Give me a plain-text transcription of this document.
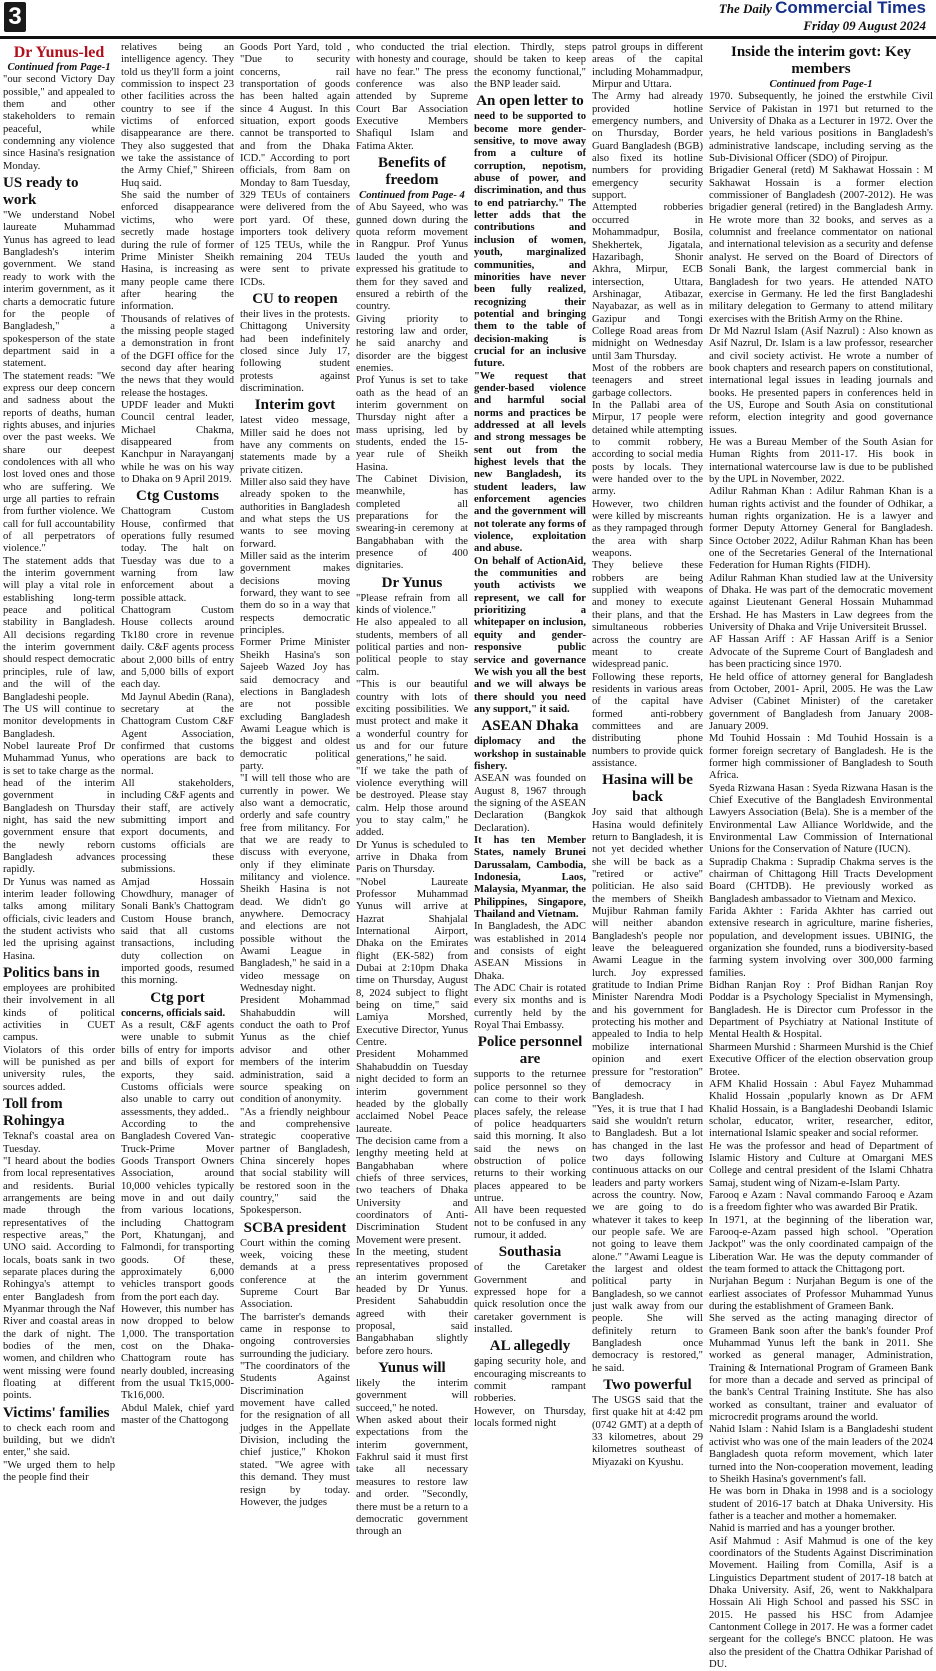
3	The Daily Commercial Times
Friday 09 August 2024
Dr Yunus-led

Continued from Page-1

"our second Victory Day possible," and appealed to them and other stakeholders to remain peaceful, while condemning any violence since Hasina's resignation Monday.

US ready to work

"We understand Nobel laureate Muhammad Yunus has agreed to lead Bangladesh's interim government. We stand ready to work with the interim government, as it charts a democratic future for the people of Bangladesh," a spokesperson of the state department said in a statement.

The statement reads: "We express our deep concern and sadness about the reports of deaths, human rights abuses, and injuries over the past weeks. We share our deepest condolences with all who lost loved ones and those who are suffering. We urge all parties to refrain from further violence. We call for full accountability of all perpetrators of violence."

The statement adds that the interim government will play a vital role in establishing long-term peace and political stability in Bangladesh. All decisions regarding the interim government should respect democratic principles, rule of law, and the will of the Bangladeshi people.

The US will continue to monitor developments in Bangladesh.

Nobel laureate Prof Dr Muhammad Yunus, who is set to take charge as the head of the interim government in Bangladesh on Thursday night, has said the new government ensure that the newly reborn Bangladesh advances rapidly.

Dr Yunus was named as interim leader following talks among military officials, civic leaders and the student activists who led the uprising against Hasina.

Politics bans in

employees are prohibited their involvement in all kinds of political activities in CUET campus.

Violators of this order will be punished as per university rules, the sources added.

Toll from Rohingya

Teknaf's coastal area on Tuesday.

"I heard about the bodies from local representatives and residents. Burial arrangements are being made through the representatives of the respective areas," the UNO said. According to locals, boats sank in two separate places during the Rohingya's attempt to enter Bangladesh from Myanmar through the Naf River and coastal areas in the dark of night. The bodies of the men, women, and children who went missing were found floating at different points.

Victims' families

to check each room and building, but we didn't enter," she said.

"We urged them to help the people find their

relatives being an intelligence agency. They told us they'll form a joint commission to inspect 23 other facilities across the country to see if the victims of enforced disappearance are there. They also suggested that we take the assistance of the Army Chief," Shireen Huq said.

She said the number of enforced disappearance victims, who were secretly made hostage during the rule of former Prime Minister Sheikh Hasina, is increasing as many people came there after hearing the information.

Thousands of relatives of the missing people staged a demonstration in front of the DGFI office for the second day after hearing the news that they would release the hostages.

UPDF leader and Mukti Council central leader, Michael Chakma, disappeared from Kanchpur in Narayanganj while he was on his way to Dhaka on 9 April 2019.

Ctg Customs

Chattogram Custom House, confirmed that operations fully resumed today. The halt on Tuesday was due to a warning from law enforcement about a possible attack.

Chattogram Custom House collects around Tk180 crore in revenue daily. C&F agents process about 2,000 bills of entry and 5,000 bills of export each day.

Md Jaynul Abedin (Rana), secretary at the Chattogram Custom C&F Agent Association, confirmed that customs operations are back to normal.

All stakeholders, including C&F agents and their staff, are actively submitting import and export documents, and customs officials are processing these submissions.

Amjad Hossain Chowdhury, manager of Sonali Bank's Chattogram Custom House branch, said that all customs transactions, including duty collection on imported goods, resumed this morning.

Ctg port

concerns, officials said.

As a result, C&F agents were unable to submit bills of entry for imports and bills of export for exports, they said. Customs officials were also unable to carry out assessments, they added..

According to the Bangladesh Covered Van-Truck-Prime Mover Goods Transport Owners Association, around 10,000 vehicles typically move in and out daily from various locations, including Chattogram Port, Khatunganj, and Falmondi, for transporting goods. Of these, approximately 6,000 vehicles transport goods from the port each day.

However, this number has now dropped to below 1,000. The transportation cost on the Dhaka-Chattogram route has nearly doubled, increasing from the usual Tk15,000-Tk16,000.

Abdul Malek, chief yard master of the Chattogong

Goods Port Yard, told , "Due to security concerns, rail transportation of goods has been halted again since 4 August. In this situation, export goods cannot be transported to and from the Dhaka ICD." According to port officials, from 8am on Monday to 8am Tuesday, 329 TEUs of containers were delivered from the port yard. Of these, importers took delivery of 125 TEUs, while the remaining 204 TEUs were sent to private ICDs.

CU to reopen

their lives in the protests. Chittagong University had been indefinitely closed since July 17, following student protests against discrimination.

Interim govt

latest video message, Miller said he does not have any comments on statements made by a private citizen.

Miller also said they have already spoken to the authorities in Bangladesh and what steps the US wants to see moving forward.

Miller said as the interim government makes decisions moving forward, they want to see them do so in a way that respects democratic principles.

Former Prime Minister Sheikh Hasina's son Sajeeb Wazed Joy has said democracy and elections in Bangladesh are not possible excluding Bangladesh Awami League which is the biggest and oldest democratic political party.

"I will tell those who are currently in power. We also want a democratic, orderly and safe country free from militancy. For that we are ready to discuss with everyone, only if they eliminate militancy and violence. Sheikh Hasina is not dead. We didn't go anywhere. Democracy and elections are not possible without the Awami League in Bangladesh," he said in a video message on Wednesday night.

President Mohammad Shahabuddin will conduct the oath to Prof Yunus as the chief advisor and other members of the interim administration, said a source speaking on condition of anonymity.

"As a friendly neighbour and comprehensive strategic cooperative partner of Bangladesh, China sincerely hopes that social stability will be restored soon in the country," said the Spokesperson.

SCBA president

Court within the coming week, voicing these demands at a press conference at the Supreme Court Bar Association.

The barrister's demands came in response to ongoing controversies surrounding the judiciary.

"The coordinators of the Students Against Discrimination movement have called for the resignation of all judges in the Appellate Division, including the chief justice," Khokon stated. "We agree with this demand. They must resign by today. However, the judges

who conducted the trial with honesty and courage, have no fear." The press conference was also attended by Supreme Court Bar Association Executive Members Shafiqul Islam and Fatima Akter.

Benefits of freedom

Continued from Page- 4

of Abu Sayeed, who was gunned down during the quota reform movement in Rangpur. Prof Yunus lauded the youth and expressed his gratitude to them for they saved and ensured a rebirth of the country.

Giving priority to restoring law and order, he said anarchy and disorder are the biggest enemies.

Prof Yunus is set to take oath as the head of an interim government on Thursday night after a mass uprising, led by students, ended the 15-year rule of Sheikh Hasina.

The Cabinet Division, meanwhile, has completed all preparations for the swearing-in ceremony at Bangabhaban with the presence of 400 dignitaries.

Dr Yunus

"Please refrain from all kinds of violence."

He also appealed to all students, members of all political parties and non-political people to stay calm.

"This is our beautiful country with lots of exciting possibilities. We must protect and make it a wonderful country for us and for our future generations," he said.

"If we take the path of violence everything will be destroyed. Please stay calm. Help those around you to stay calm," he added.

Dr Yunus is scheduled to arrive in Dhaka from Paris on Thursday.

"Nobel Laureate Professor Muhammad Yunus will arrive at Hazrat Shahjalal International Airport, Dhaka on the Emirates flight (EK-582) from Dubai at 2:10pm Dhaka time on Thursday, August 8, 2024 subject to flight being on time," said Lamiya Morshed, Executive Director, Yunus Centre.

President Mohammed Shahabuddin on Tuesday night decided to form an interim government headed by the globally acclaimed Nobel Peace laureate.

The decision came from a lengthy meeting held at Bangabhaban where chiefs of three services, two teachers of Dhaka University and coordinators of Anti-Discrimination Student Movement were present.

In the meeting, student representatives proposed an interim government headed by Dr Yunus. President Sahabuddin agreed with their proposal, said Bangabhaban slightly before zero hours.

Yunus will

likely the interim government will succeed," he noted.

When asked about their expectations from the interim government, Fakhrul said it must first take all necessary measures to restore law and order. "Secondly, there must be a return to a democratic government through an

election. Thirdly, steps should be taken to keep the economy functional," the BNP leader said.

An open letter to

need to be supported to become more gender-sensitive, to move away from a culture of corruption, nepotism, abuse of power, and discrimination, and thus to end patriarchy." The letter adds that the contributions and inclusion of women, youth, marginalized communities, and minorities have never been fully realized, recognizing their potential and bringing them to the table of decision-making is crucial for an inclusive future.

"We request that gender-based violence and harmful social norms and practices be addressed at all levels and strong messages be sent out from the highest levels that the new Bangladesh, its student leaders, law enforcement agencies and the government will not tolerate any forms of violence, exploitation and abuse.

On behalf of ActionAid, the communities and youth activists we represent, we call for prioritizing a whitepaper on inclusion, equity and gender-responsive public service and governance We wish you all the best and we will always be there should you need any support," it said.

ASEAN Dhaka

diplomacy and the workshop in sustainable fishery.

ASEAN was founded on August 8, 1967 through the signing of the ASEAN Declaration (Bangkok Declaration).

It has ten Member States, namely Brunei Darussalam, Cambodia, Indonesia, Laos, Malaysia, Myanmar, the Philippines, Singapore, Thailand and Vietnam.

In Bangladesh, the ADC was established in 2014 and consists of eight ASEAN Missions in Dhaka.

The ADC Chair is rotated every six months and is currently held by the Royal Thai Embassy.

Police personnel are

supports to the returnee police personnel so they can come to their work places safely, the release of police headquarters said this morning. It also said the news on obstruction of police returns to their working places appeared to be untrue.

All have been requested not to be confused in any rumour, it added.

Southasia

of the Caretaker Government and expressed hope for a quick resolution once the caretaker government is installed.

AL allegedly

gaping security hole, and encouraging miscreants to commit rampant robberies.

However, on Thursday, locals formed night

patrol groups in different areas of the capital including Mohammadpur, Mirpur and Uttara.

The Army had already provided hotline emergency numbers, and on Thursday, Border Guard Bangladesh (BGB) also fixed its hotline numbers for providing emergency security support.

Attempted robberies occurred in Mohammadpur, Bosila, Shekhertek, Jigatala, Hazaribagh, Shonir Akhra, Mirpur, ECB intersection, Uttara, Arshinagar, Atibazar, Nayabazar, as well as in Gazipur and Tongi College Road areas from midnight on Wednesday until 3am Thursday.

Most of the robbers are teenagers and street garbage collectors.

In the Pallabi area of Mirpur, 17 people were detained while attempting to commit robbery, according to social media posts by locals. They were handed over to the army.

However, two children were killed by miscreants as they rampaged through the area with sharp weapons.

They believe these robbers are being supplied with weapons and money to execute their plans, and that the simultaneous robberies across the country are meant to create widespread panic.

Following these reports, residents in various areas of the capital have formed anti-robbery committees and are distributing phone numbers to provide quick assistance.

Hasina will be back

Joy said that although Hasina would definitely return to Bangladesh, it is not yet decided whether she will be back as a "retired or active" politician. He also said the members of Sheikh Mujibur Rahman family will neither abandon Bangladesh's people nor leave the beleaguered Awami League in the lurch. Joy expressed gratitude to Indian Prime Minister Narendra Modi and his government for protecting his mother and appealed to India to help mobilize international opinion and exert pressure for "restoration" of democracy in Bangladesh.

"Yes, it is true that I had said she wouldn't return to Bangladesh. But a lot has changed in the last two days following continuous attacks on our leaders and party workers across the country. Now, we are going to do whatever it takes to keep our people safe. We are not going to leave them alone." "Awami League is the largest and oldest political party in Bangladesh, so we cannot just walk away from our people. She will definitely return to Bangladesh once democracy is restored," he said.

Two powerful

The USGS said that the first quake hit at 4:42 pm (0742 GMT) at a depth of 33 kilometres, about 29 kilometres southeast of Miyazaki on Kyushu.

Inside the interim govt: Key members

Continued from Page-1

1970. Subsequently, he joined the erstwhile Civil Service of Pakistan in 1971 but returned to the University of Dhaka as a Lecturer in 1972. Over the years, he held various positions in Bangladesh's administrative landscape, including serving as the Sub-Divisional Officer (SDO) of Pirojpur.

Brigadier General (retd) M Sakhawat Hossain : M Sakhawat Hossain is a former election commissioner of Bangladesh (2007-2012). He was brigadier general (retired) in the Bangladesh Army. He wrote more than 32 books, and serves as a columnist and freelance commentator on national and international television as a security and defense analyst. He served on the Board of Directors of Sonali Bank, the largest commercial bank in Bangladesh for two years. He attended NATO exercise in Germany. He led the first Bangladeshi military delegation to Germany to attend military exercises with the British Army on the Rhine.

Dr Md Nazrul Islam (Asif Nazrul) : Also known as Asif Nazrul, Dr. Islam is a law professor, researcher and civil society activist. He wrote a number of book chapters and research papers on constitutional, international legal issues in leading journals and books. He presented papers in conferences held in the US, Europe and South Asia on constitutional reform, election integrity and good governance issues.

He was a Bureau Member of the South Asian for Human Rights from 2011-17. His book in international watercourse law is due to be published by the UPL in November, 2022.

Adilur Rahman Khan : Adilur Rahman Khan is a human rights activist and the founder of Odhikar, a human rights organization. He is a lawyer and former Deputy Attorney General for Bangladesh. Since October 2022, Adilur Rahman Khan has been one of the Secretaries General of the International Federation for Human Rights (FIDH).

Adilur Rahman Khan studied law at the University of Dhaka. He was part of the democratic movement against Lieutenant General Hossain Muhammad Ershad. He has Masters in Law degrees from the University of Dhaka and Vrije Universiteit Brussel.

AF Hassan Ariff : AF Hassan Ariff is a Senior Advocate of the Supreme Court of Bangladesh and has been practicing since 1970.

He held office of attorney general for Bangladesh from October, 2001- April, 2005. He was the Law Adviser (Cabinet Minister) of the caretaker government of Bangladesh from January 2008- January 2009.

Md Touhid Hossain : Md Touhid Hossain is a former foreign secretary of Bangladesh. He is the former high commissioner of Bangladesh to South Africa.

Syeda Rizwana Hasan : Syeda Rizwana Hasan is the Chief Executive of the Bangladesh Environmental Lawyers Association (Bela). She is a member of the Environmental Law Alliance Worldwide, and the Environmental Law Commission of International Unions for the Conservation of Nature (IUCN).

Supradip Chakma : Supradip Chakma serves is the chairman of Chittagong Hill Tracts Development Board (CHTDB). He previously worked as Bangladesh ambassador to Vietnam and Mexico.

Farida Akhter : Farida Akhter has carried out extensive research in agriculture, marine fisheries, population, and development issues. UBINIG, the organization she founded, runs a biodiversity-based farming system involving over 300,000 farming families.

Bidhan Ranjan Roy : Prof Bidhan Ranjan Roy Poddar is a Psychology Specialist in Mymensingh, Bangladesh. He is Director cum Professor in the Department of Psychiatry at National Institute of Mental Health & Hospital.

Sharmeen Murshid : Sharmeen Murshid is the Chief Executive Officer of the election observation group Brotee.

AFM Khalid Hossain : Abul Fayez Muhammad Khalid Hossain ,popularly known as Dr AFM Khalid Hossain, is a Bangladeshi Deobandi Islamic scholar, educator, writer, researcher, editor, international Islamic speaker and social reformer.

He was the professor and head of Department of Islamic History and Culture at Omargani MES College and central president of the Islami Chhatra Samaj, student wing of Nizam-e-Islam Party.

Farooq e Azam : Naval commando Farooq e Azam is a freedom fighter who was awarded Bir Pratik.

In 1971, at the beginning of the liberation war, Farooq-e-Azam passed high school. "Operation Jackpot" was the only coordinated campaign of the Liberation War. He was the deputy commander of the team formed to attack the Chittagong port.

Nurjahan Begum : Nurjahan Begum is one of the earliest associates of Professor Muhammad Yunus during the establishment of Grameen Bank.

She served as the acting managing director of Grameen Bank soon after the bank's founder Prof Muhammad Yunus left the bank in 2011. She worked as general manager, Administration, Training & International Program of Grameen Bank for more than a decade and served as principal of the bank's Central Training Institute. She has also worked as consultant, trainer and evaluator of microcredit programs around the world.

Nahid Islam : Nahid Islam is a Bangladeshi student activist who was one of the main leaders of the 2024 Bangladesh quota reform movement, which later turned into the Non-cooperation movement, leading to Sheikh Hasina's government's fall.

He was born in Dhaka in 1998 and is a sociology student of 2016-17 batch at Dhaka University. His father is a teacher and mother a homemaker.

Nahid is married and has a younger brother.

Asif Mahmud : Asif Mahmud is one of the key coordinators of the Students Against Discrimination Movement. Hailing from Comilla, Asif is a Linguistics Department student of 2017-18 batch at Dhaka University. Asif, 26, went to Nakkhalpara Hossain Ali High School and passed his SSC in 2015. He passed his HSC from Adamjee Cantonment College in 2017. He was a former cadet sergeant for the college's BNCC platoon. He was also the president of the Chattra Odhikar Parishad of DU.
